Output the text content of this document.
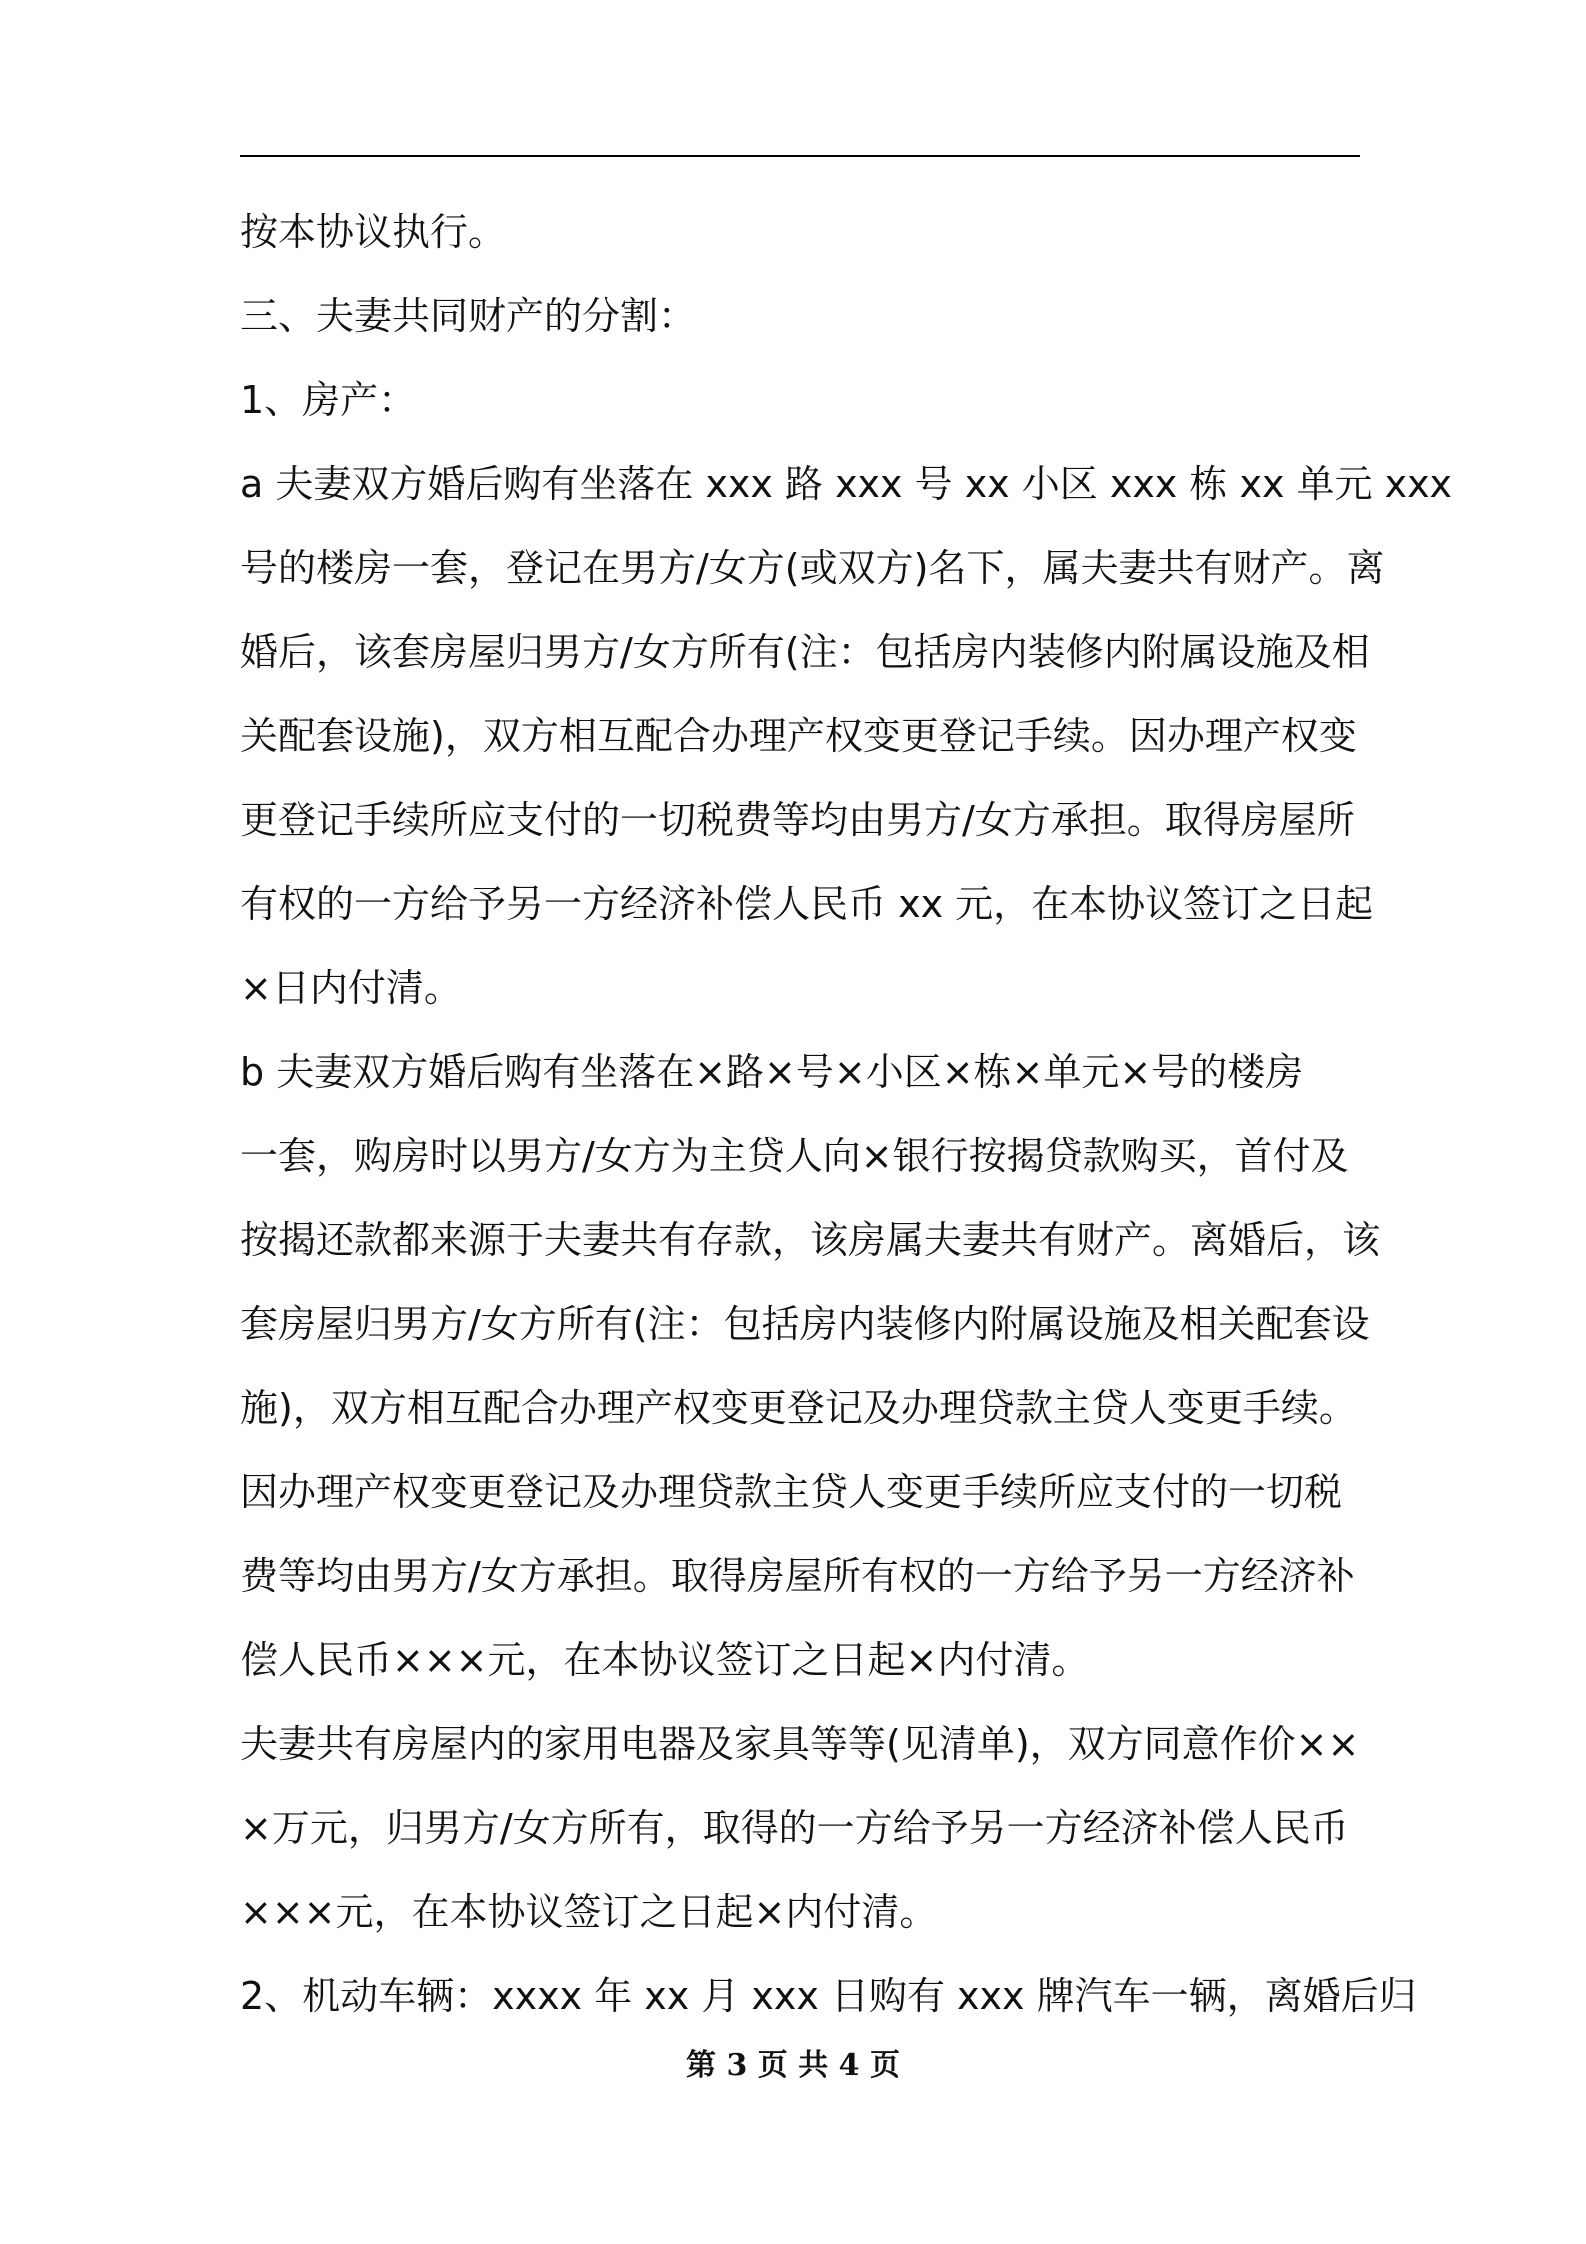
按本协议执行。
三、夫妻共同财产的分割：
1、房产：
a 夫妻双方婚后购有坐落在 xxx 路 xxx 号 xx 小区 xxx 栋 xx 单元 xxx
号的楼房一套，登记在男方/女方(或双方)名下，属夫妻共有财产。离
婚后，该套房屋归男方/女方所有(注：包括房内装修内附属设施及相
关配套设施)，双方相互配合办理产权变更登记手续。因办理产权变
更登记手续所应支付的一切税费等均由男方/女方承担。取得房屋所
有权的一方给予另一方经济补偿人民币 xx 元，在本协议签订之日起
×日内付清。
b 夫妻双方婚后购有坐落在×路×号×小区×栋×单元×号的楼房
一套，购房时以男方/女方为主贷人向×银行按揭贷款购买，首付及
按揭还款都来源于夫妻共有存款，该房属夫妻共有财产。离婚后，该
套房屋归男方/女方所有(注：包括房内装修内附属设施及相关配套设
施)，双方相互配合办理产权变更登记及办理贷款主贷人变更手续。
因办理产权变更登记及办理贷款主贷人变更手续所应支付的一切税
费等均由男方/女方承担。取得房屋所有权的一方给予另一方经济补
偿人民币×××元，在本协议签订之日起×内付清。
夫妻共有房屋内的家用电器及家具等等(见清单)，双方同意作价××
×万元，归男方/女方所有，取得的一方给予另一方经济补偿人民币
×××元，在本协议签订之日起×内付清。
2、机动车辆：xxxx 年 xx 月 xxx 日购有 xxx 牌汽车一辆，离婚后归
第 3 页 共 4 页
